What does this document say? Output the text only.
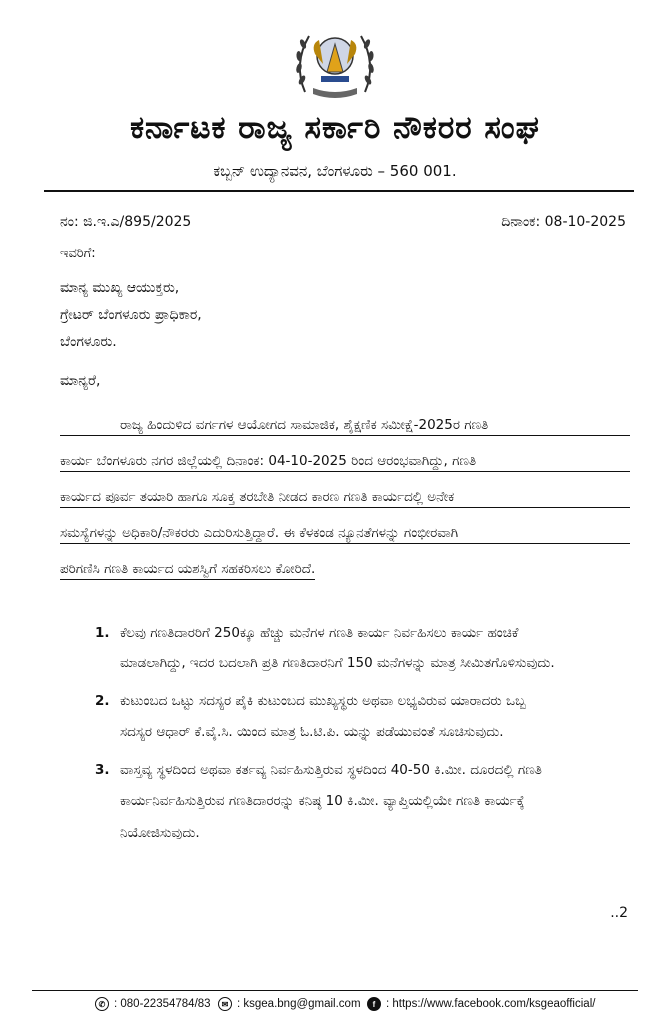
ಕರ್ನಾಟಕ ರಾಜ್ಯ ಸರ್ಕಾರಿ ನೌಕರರ ಸಂಘ
ಕಬ್ಬನ್ ಉದ್ಯಾನವನ, ಬೆಂಗಳೂರು – 560 001.
ನಂ: ಜಿ.ಇ.ಎ/895/2025	ದಿನಾಂಕ: 08-10-2025
ಇವರಿಗೆ:
ಮಾನ್ಯ ಮುಖ್ಯ ಆಯುಕ್ತರು,
ಗ್ರೇಟರ್ ಬೆಂಗಳೂರು ಪ್ರಾಧಿಕಾರ,
ಬೆಂಗಳೂರು.
ಮಾನ್ಯರೆ,
ರಾಜ್ಯ ಹಿಂದುಳಿದ ವರ್ಗಗಳ ಆಯೋಗದ ಸಾಮಾಜಿಕ, ಶೈಕ್ಷಣಿಕ ಸಮೀಕ್ಷೆ-2025ರ ಗಣತಿ
ಕಾರ್ಯ ಬೆಂಗಳೂರು ನಗರ ಜಿಲ್ಲೆಯಲ್ಲಿ ದಿನಾಂಕ: 04-10-2025 ರಿಂದ ಆರಂಭವಾಗಿದ್ದು, ಗಣತಿ
ಕಾರ್ಯದ ಪೂರ್ವ ತಯಾರಿ ಹಾಗೂ ಸೂಕ್ತ ತರಬೇತಿ ನೀಡದ ಕಾರಣ ಗಣತಿ ಕಾರ್ಯದಲ್ಲಿ ಅನೇಕ
ಸಮಸ್ಯೆಗಳನ್ನು ಅಧಿಕಾರಿ/ನೌಕರರು ಎದುರಿಸುತ್ತಿದ್ದಾರೆ. ಈ ಕೆಳಕಂಡ ನ್ಯೂನತೆಗಳನ್ನು ಗಂಭೀರವಾಗಿ
ಪರಿಗಣಿಸಿ ಗಣತಿ ಕಾರ್ಯದ ಯಶಸ್ವಿಗೆ ಸಹಕರಿಸಲು ಕೋರಿದೆ.
1. ಕೆಲವು ಗಣತಿದಾರರಿಗೆ 250ಕ್ಕೂ ಹೆಚ್ಚು ಮನೆಗಳ ಗಣತಿ ಕಾರ್ಯ ನಿರ್ವಹಿಸಲು ಕಾರ್ಯ ಹಂಚಿಕೆ
ಮಾಡಲಾಗಿದ್ದು, ಇದರ ಬದಲಾಗಿ ಪ್ರತಿ ಗಣತಿದಾರನಿಗೆ 150 ಮನೆಗಳನ್ನು ಮಾತ್ರ ಸೀಮಿತಗೊಳಿಸುವುದು.
2. ಕುಟುಂಬದ ಒಟ್ಟು ಸದಸ್ಯರ ಪೈಕಿ ಕುಟುಂಬದ ಮುಖ್ಯಸ್ಥರು ಅಥವಾ ಲಭ್ಯವಿರುವ ಯಾರಾದರು ಒಬ್ಬ
ಸದಸ್ಯರ ಆಧಾರ್ ಕೆ.ವೈ.ಸಿ. ಯಿಂದ ಮಾತ್ರ ಓ.ಟಿ.ಪಿ. ಯನ್ನು ಪಡೆಯುವಂತೆ ಸೂಚಿಸುವುದು.
3. ವಾಸ್ತವ್ಯ ಸ್ಥಳದಿಂದ ಅಥವಾ ಕರ್ತವ್ಯ ನಿರ್ವಹಿಸುತ್ತಿರುವ ಸ್ಥಳದಿಂದ 40-50 ಕಿ.ಮೀ. ದೂರದಲ್ಲಿ ಗಣತಿ
ಕಾರ್ಯನಿರ್ವಹಿಸುತ್ತಿರುವ ಗಣತಿದಾರರನ್ನು ಕನಿಷ್ಠ 10 ಕಿ.ಮೀ. ವ್ಯಾಪ್ತಿಯಲ್ಲಿಯೇ ಗಣತಿ ಕಾರ್ಯಕ್ಕೆ
ನಿಯೋಜಿಸುವುದು.
..2
✆ : 080-22354784/83	✉ : ksgea.bng@gmail.com	f : https://www.facebook.com/ksgeaofficial/
